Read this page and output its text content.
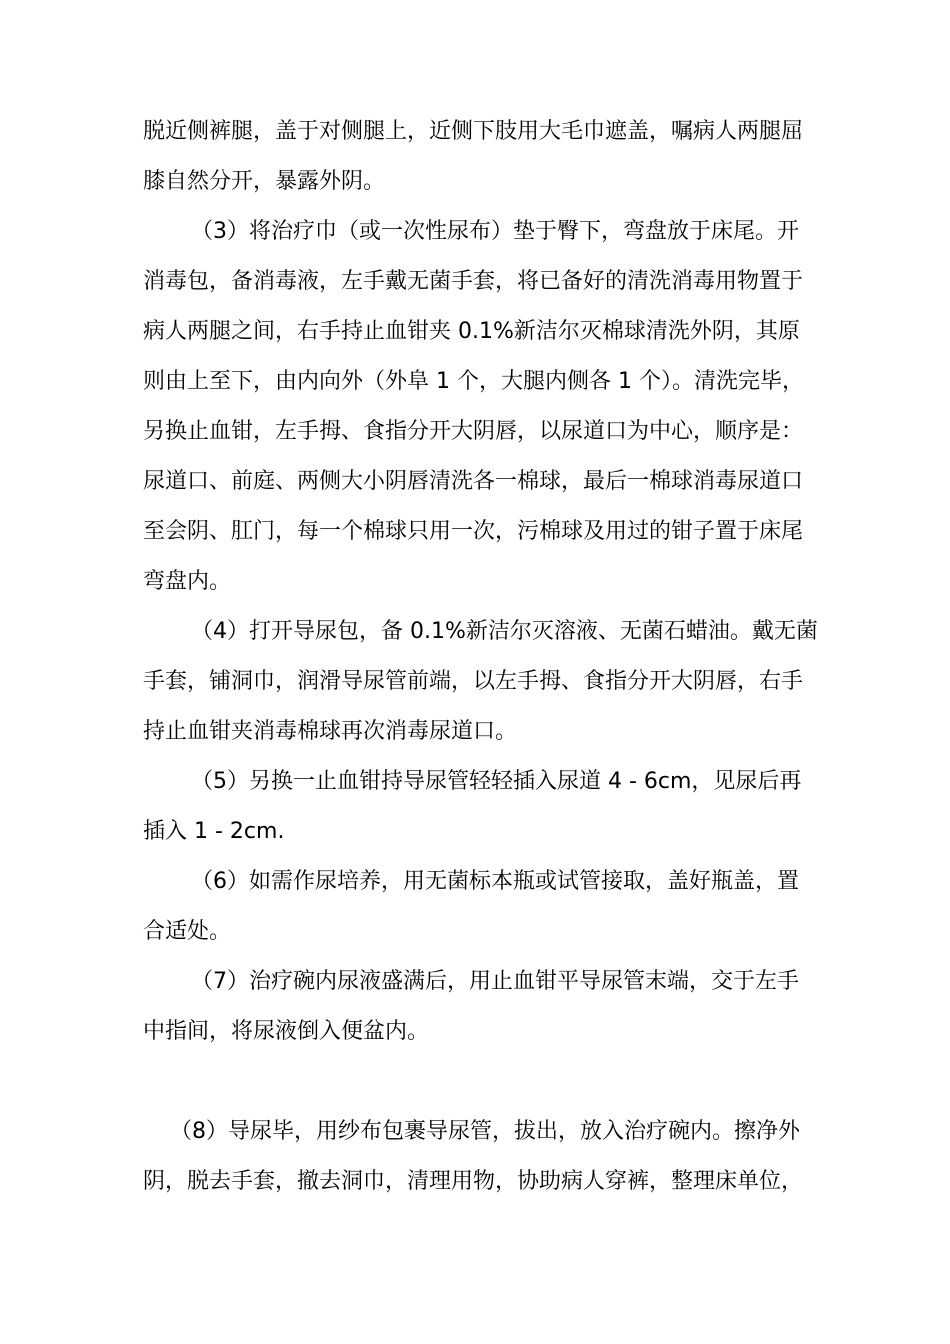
脱近侧裤腿，盖于对侧腿上，近侧下肢用大毛巾遮盖，嘱病人两腿屈
膝自然分开，暴露外阴。
（3）将治疗巾（或一次性尿布）垫于臀下，弯盘放于床尾。开
消毒包，备消毒液，左手戴无菌手套，将已备好的清洗消毒用物置于
病人两腿之间，右手持止血钳夹 0.1%新洁尔灭棉球清洗外阴，其原
则由上至下，由内向外（外阜 1 个，大腿内侧各 1 个）。清洗完毕，
另换止血钳，左手拇、食指分开大阴唇，以尿道口为中心，顺序是：
尿道口、前庭、两侧大小阴唇清洗各一棉球，最后一棉球消毒尿道口
至会阴、肛门，每一个棉球只用一次，污棉球及用过的钳子置于床尾
弯盘内。
（4）打开导尿包，备 0.1%新洁尔灭溶液、无菌石蜡油。戴无菌
手套，铺洞巾，润滑导尿管前端，以左手拇、食指分开大阴唇，右手
持止血钳夹消毒棉球再次消毒尿道口。
（5）另换一止血钳持导尿管轻轻插入尿道 4 - 6cm，见尿后再
插入 1 - 2cm.
（6）如需作尿培养，用无菌标本瓶或试管接取，盖好瓶盖，置
合适处。
（7）治疗碗内尿液盛满后，用止血钳平导尿管末端，交于左手
中指间，将尿液倒入便盆内。
（8）导尿毕，用纱布包裹导尿管，拔出，放入治疗碗内。擦净外
阴，脱去手套，撤去洞巾，清理用物，协助病人穿裤，整理床单位，
